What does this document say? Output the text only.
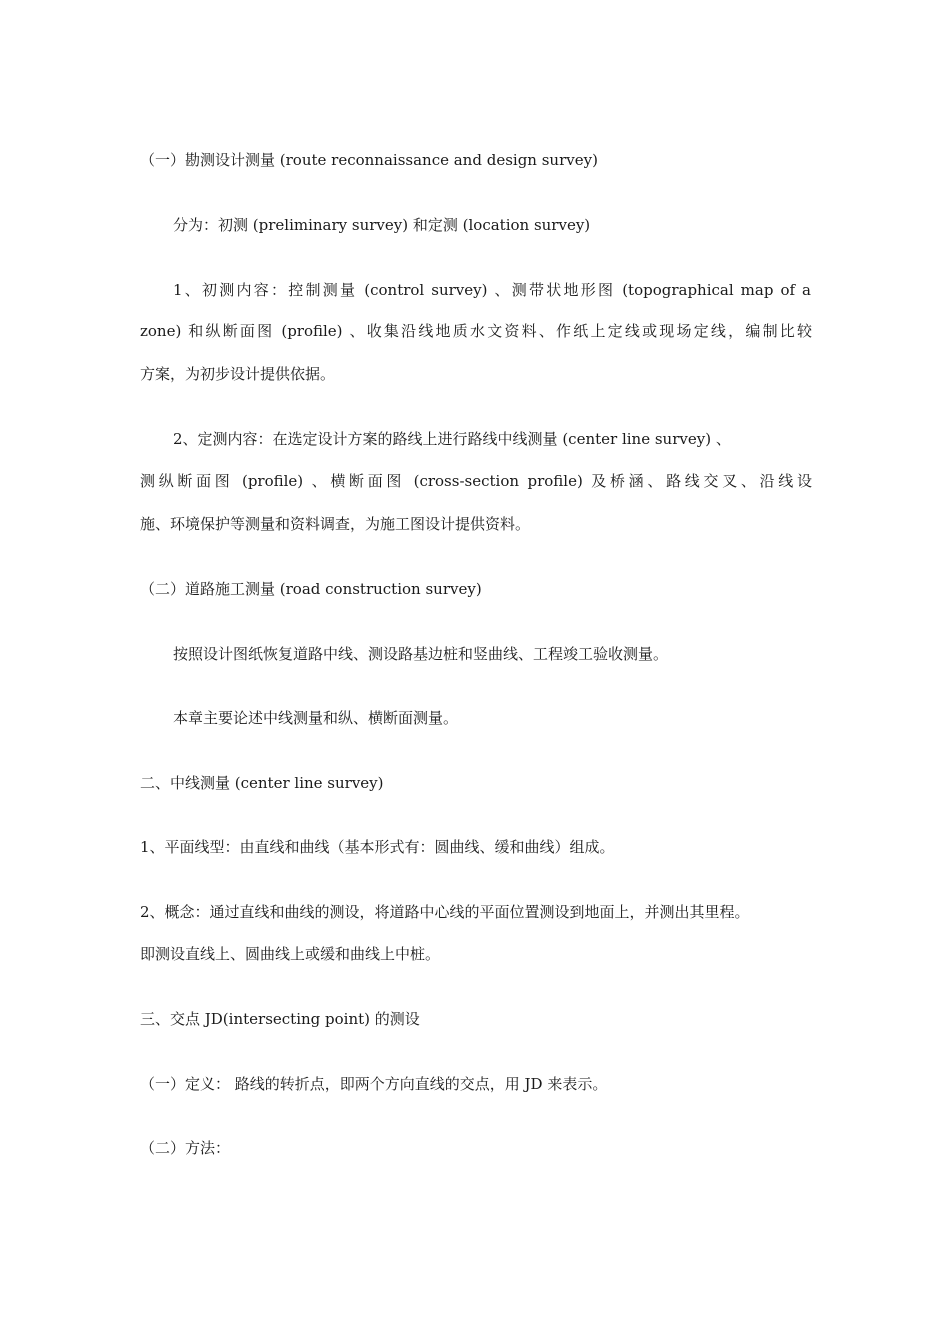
（一）勘测设计测量 (route reconnaissance and design survey)
分为：初测 (preliminary survey) 和定测 (location survey)
1、初测内容：控制测量 (control survey) 、测带状地形图 (topographical map of a
zone) 和纵断面图 (profile) 、收集沿线地质水文资料、作纸上定线或现场定线，编制比较
方案，为初步设计提供依据。
2、定测内容：在选定设计方案的路线上进行路线中线测量 (center line survey) 、
测纵断面图 (profile) 、横断面图 (cross-section profile) 及桥涵、路线交叉、沿线设
施、环境保护等测量和资料调查，为施工图设计提供资料。
（二）道路施工测量 (road construction survey)
按照设计图纸恢复道路中线、测设路基边桩和竖曲线、工程竣工验收测量。
本章主要论述中线测量和纵、横断面测量。
二、中线测量 (center line survey)
1、平面线型：由直线和曲线（基本形式有：圆曲线、缓和曲线）组成。
2、概念：通过直线和曲线的测设，将道路中心线的平面位置测设到地面上，并测出其里程。
即测设直线上、圆曲线上或缓和曲线上中桩。
三、交点 JD(intersecting point) 的测设
（一）定义： 路线的转折点，即两个方向直线的交点，用 JD 来表示。
（二）方法：
